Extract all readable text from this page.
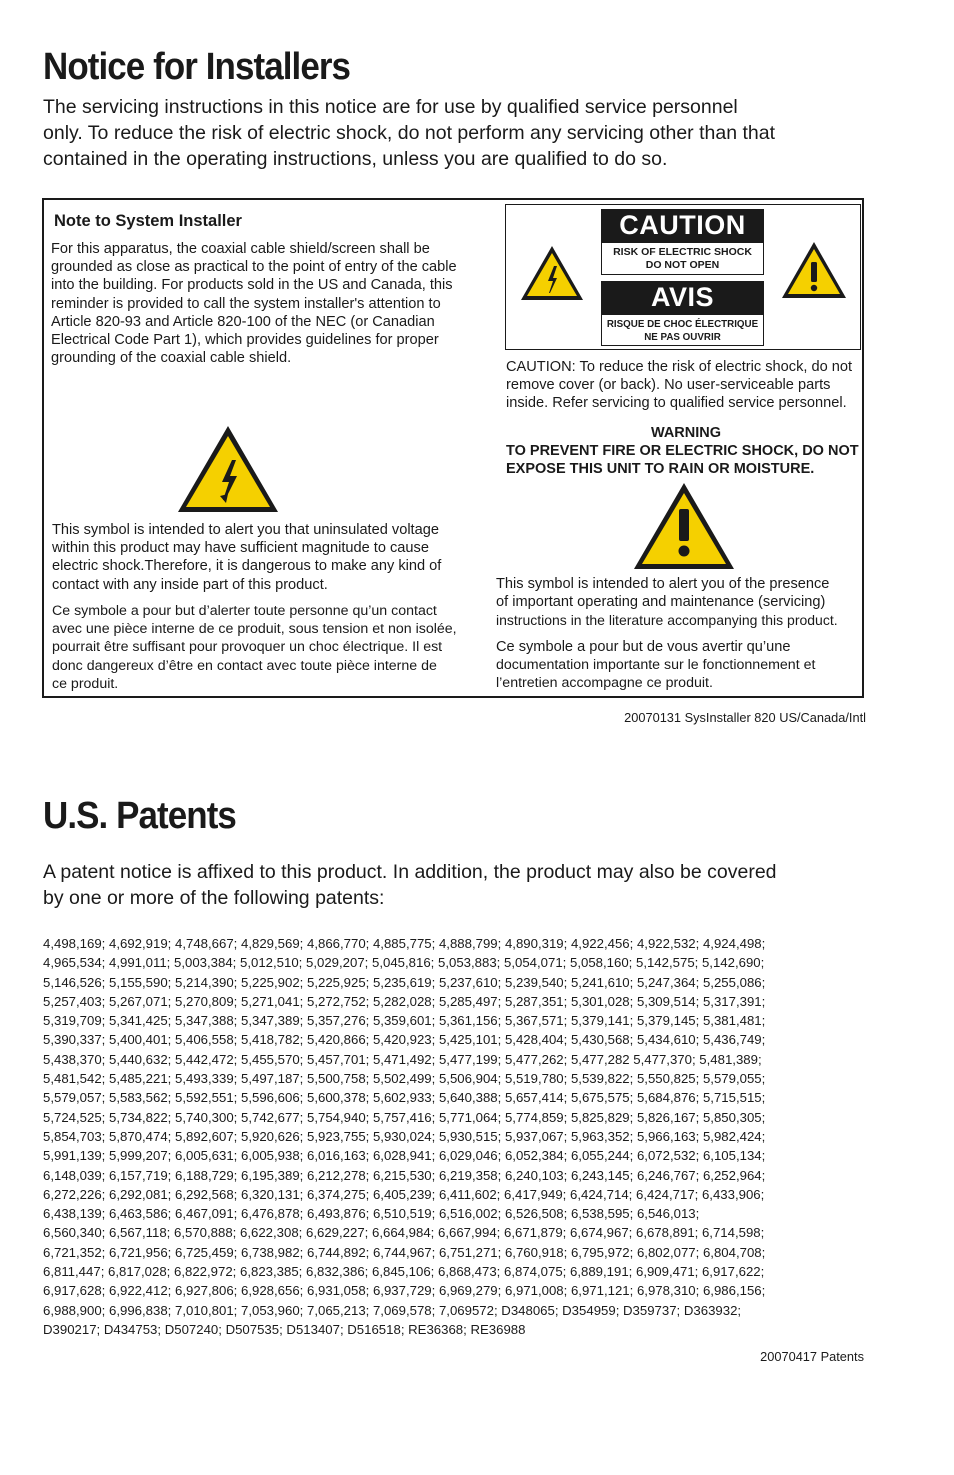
Notice for Installers
The servicing instructions in this notice are for use by qualified service personnel
only. To reduce the risk of electric shock, do not perform any servicing other than that
contained in the operating instructions, unless you are qualified to do so.
Note to System Installer
For this apparatus, the coaxial cable shield/screen shall be
grounded as close as practical to the point of entry of the cable
into the building. For products sold in the US and Canada, this
reminder is provided to call the system installer's attention to
Article 820-93 and Article 820-100 of the NEC (or Canadian
Electrical Code Part 1), which provides guidelines for proper
grounding of the coaxial cable shield.
This symbol is intended to alert you that uninsulated voltage
within this product may have sufficient magnitude to cause
electric shock.Therefore, it is dangerous to make any kind of
contact with any inside part of this product.
Ce symbole a pour but d’alerter toute personne qu’un contact
avec une pièce interne de ce produit, sous tension et non isolée,
pourrait être suffisant pour provoquer un choc électrique. Il est
donc dangereux d’être en contact avec toute pièce interne de
ce produit.
CAUTION
RISK OF ELECTRIC SHOCK
DO NOT OPEN
AVIS
RISQUE DE CHOC ÉLECTRIQUE
NE PAS OUVRIR
CAUTION: To reduce the risk of electric shock, do not
remove cover (or back). No user-serviceable parts
inside. Refer servicing to qualified service personnel.
WARNING
TO PREVENT FIRE OR ELECTRIC SHOCK, DO NOT
EXPOSE THIS UNIT TO RAIN OR MOISTURE.
This symbol is intended to alert you of the presence
of important operating and maintenance (servicing)
instructions in the literature accompanying this product.
Ce symbole a pour but de vous avertir qu’une
documentation importante sur le fonctionnement et
l’entretien accompagne ce produit.
20070131 SysInstaller 820 US/Canada/Intl
U.S. Patents
A patent notice is affixed to this product. In addition, the product may also be covered
by one or more of the following patents:
4,498,169; 4,692,919; 4,748,667; 4,829,569; 4,866,770; 4,885,775; 4,888,799; 4,890,319; 4,922,456; 4,922,532; 4,924,498;
4,965,534; 4,991,011; 5,003,384; 5,012,510; 5,029,207; 5,045,816; 5,053,883; 5,054,071; 5,058,160; 5,142,575; 5,142,690;
5,146,526; 5,155,590; 5,214,390; 5,225,902; 5,225,925; 5,235,619; 5,237,610; 5,239,540; 5,241,610; 5,247,364; 5,255,086;
5,257,403; 5,267,071; 5,270,809; 5,271,041; 5,272,752; 5,282,028; 5,285,497; 5,287,351; 5,301,028; 5,309,514; 5,317,391;
5,319,709; 5,341,425; 5,347,388; 5,347,389; 5,357,276; 5,359,601; 5,361,156; 5,367,571; 5,379,141; 5,379,145; 5,381,481;
5,390,337; 5,400,401; 5,406,558; 5,418,782; 5,420,866; 5,420,923; 5,425,101; 5,428,404; 5,430,568; 5,434,610; 5,436,749;
5,438,370; 5,440,632; 5,442,472; 5,455,570; 5,457,701; 5,471,492; 5,477,199; 5,477,262; 5,477,282 5,477,370; 5,481,389;
5,481,542; 5,485,221; 5,493,339; 5,497,187; 5,500,758; 5,502,499; 5,506,904; 5,519,780; 5,539,822; 5,550,825; 5,579,055;
5,579,057; 5,583,562; 5,592,551; 5,596,606; 5,600,378; 5,602,933; 5,640,388; 5,657,414; 5,675,575; 5,684,876; 5,715,515;
5,724,525; 5,734,822; 5,740,300; 5,742,677; 5,754,940; 5,757,416; 5,771,064; 5,774,859; 5,825,829; 5,826,167; 5,850,305;
5,854,703; 5,870,474; 5,892,607; 5,920,626; 5,923,755; 5,930,024; 5,930,515; 5,937,067; 5,963,352; 5,966,163; 5,982,424;
5,991,139; 5,999,207; 6,005,631; 6,005,938; 6,016,163; 6,028,941; 6,029,046; 6,052,384; 6,055,244; 6,072,532; 6,105,134;
6,148,039; 6,157,719; 6,188,729; 6,195,389; 6,212,278; 6,215,530; 6,219,358; 6,240,103; 6,243,145; 6,246,767; 6,252,964;
6,272,226; 6,292,081; 6,292,568; 6,320,131; 6,374,275; 6,405,239; 6,411,602; 6,417,949; 6,424,714; 6,424,717; 6,433,906;
6,438,139; 6,463,586; 6,467,091; 6,476,878; 6,493,876; 6,510,519; 6,516,002; 6,526,508; 6,538,595; 6,546,013;
6,560,340; 6,567,118; 6,570,888; 6,622,308; 6,629,227; 6,664,984; 6,667,994; 6,671,879; 6,674,967; 6,678,891; 6,714,598;
6,721,352; 6,721,956; 6,725,459; 6,738,982; 6,744,892; 6,744,967; 6,751,271; 6,760,918; 6,795,972; 6,802,077; 6,804,708;
6,811,447; 6,817,028; 6,822,972; 6,823,385; 6,832,386; 6,845,106; 6,868,473; 6,874,075; 6,889,191; 6,909,471; 6,917,622;
6,917,628; 6,922,412; 6,927,806; 6,928,656; 6,931,058; 6,937,729; 6,969,279; 6,971,008; 6,971,121; 6,978,310; 6,986,156;
6,988,900; 6,996,838; 7,010,801; 7,053,960; 7,065,213; 7,069,578; 7,069572; D348065; D354959; D359737; D363932;
D390217; D434753; D507240; D507535; D513407; D516518; RE36368; RE36988
20070417 Patents
